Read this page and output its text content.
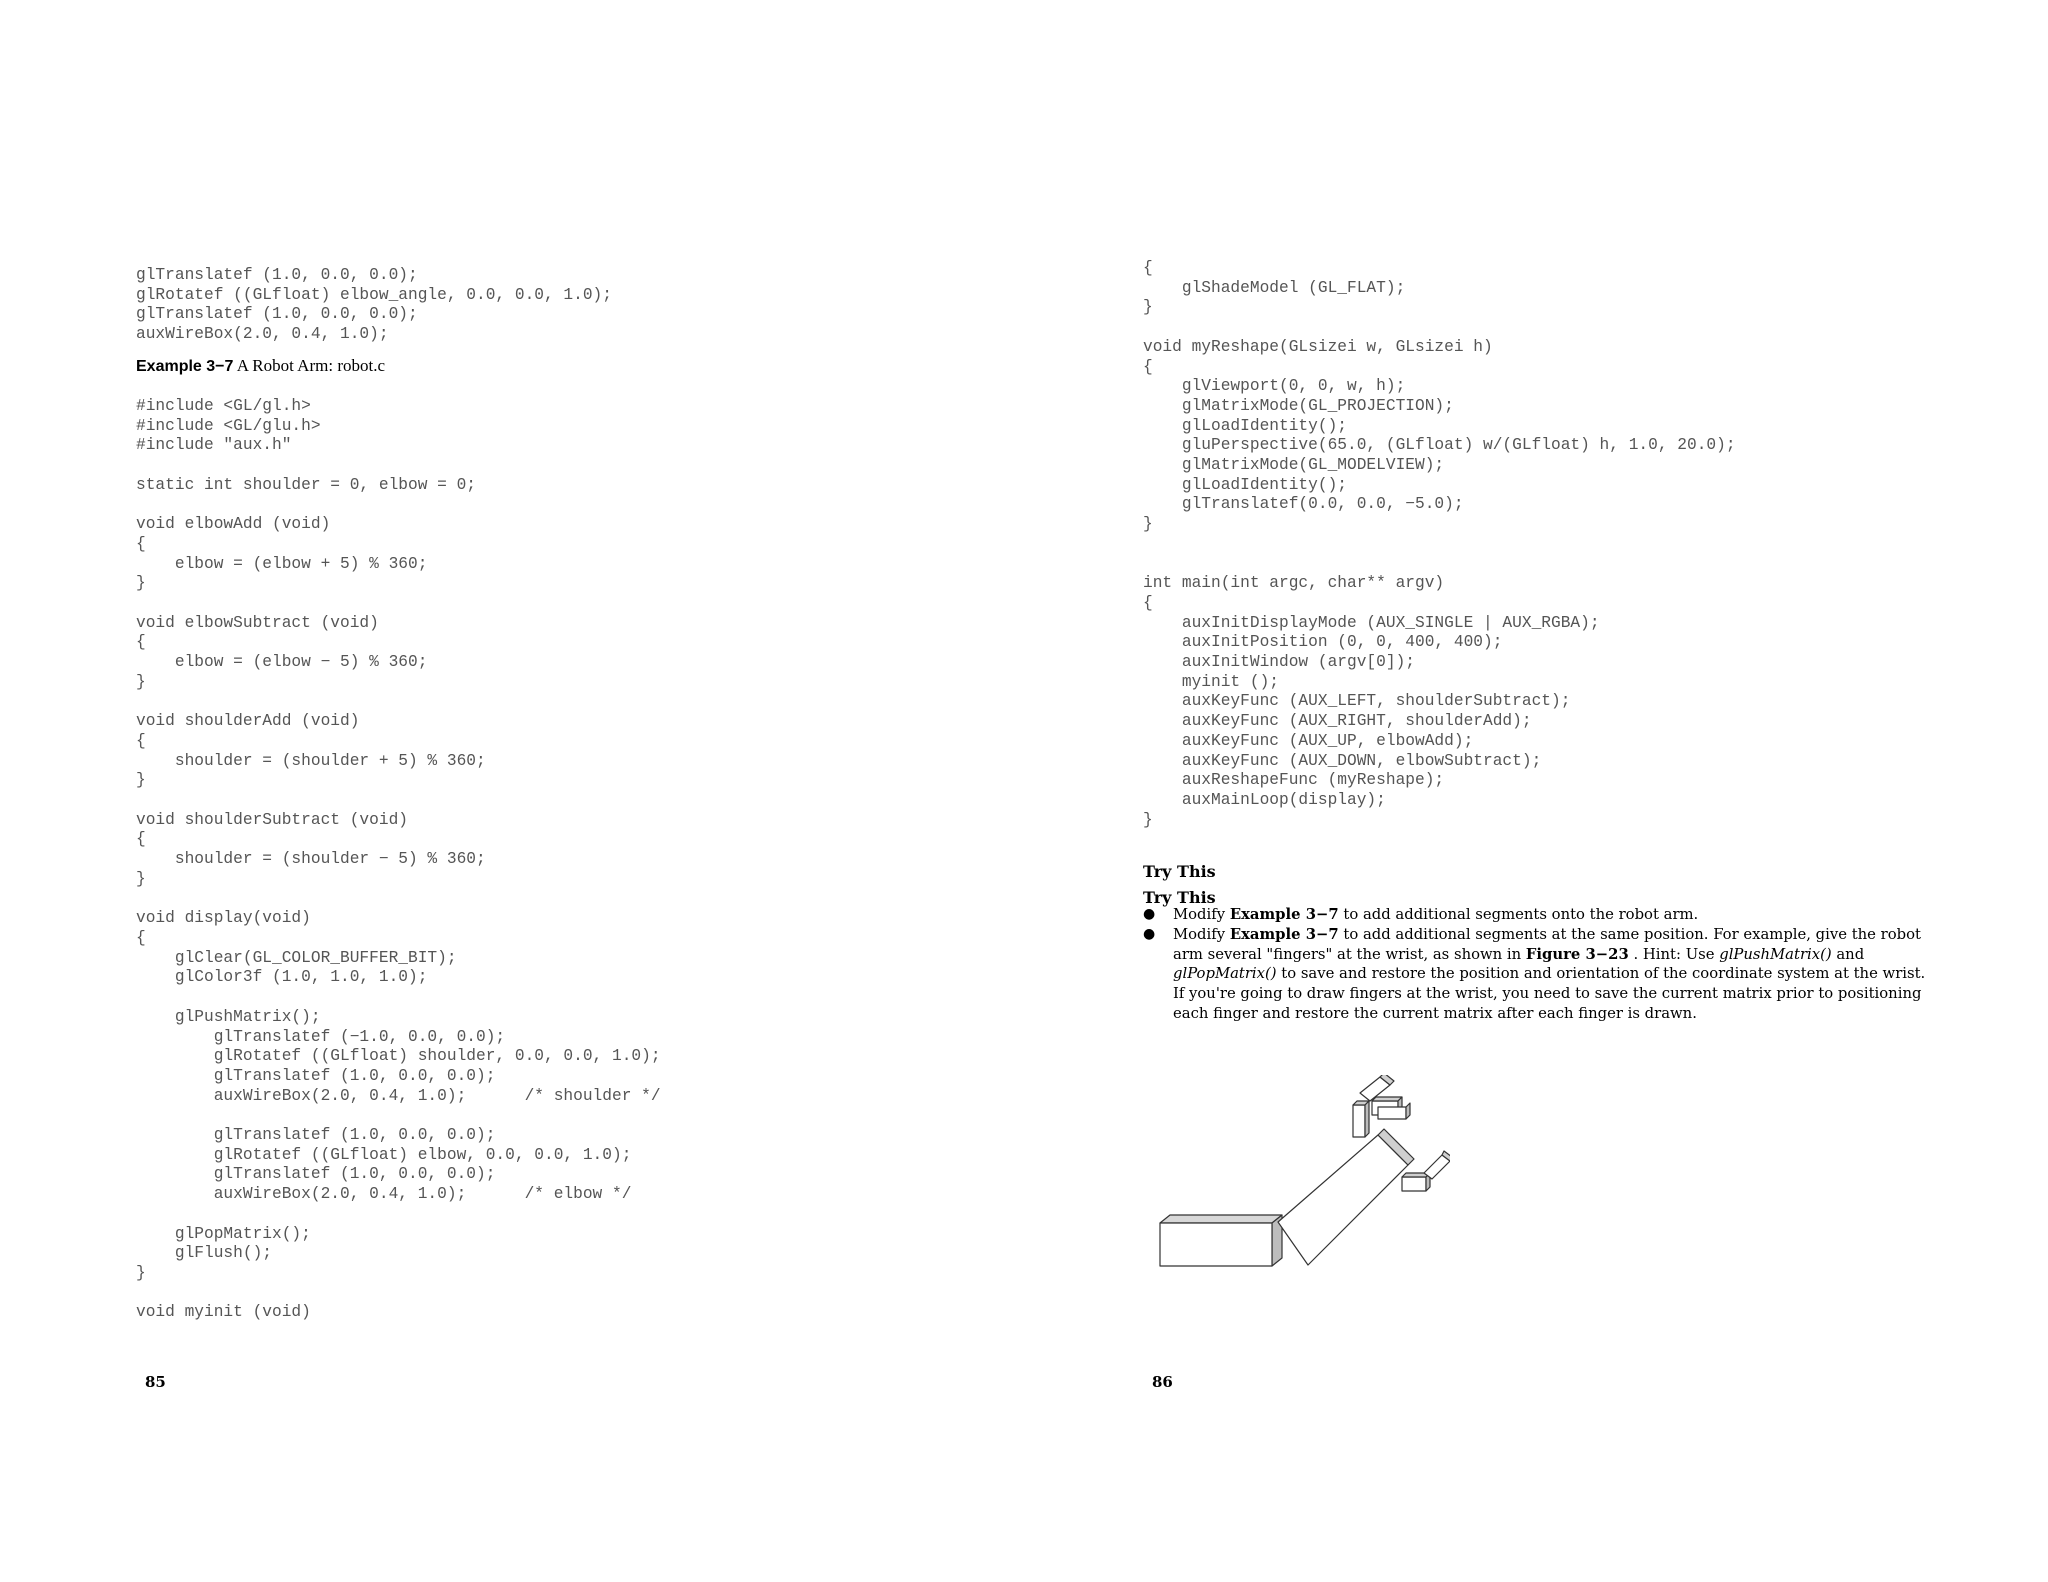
glTranslatef (1.0, 0.0, 0.0);
glRotatef ((GLfloat) elbow_angle, 0.0, 0.0, 1.0);
glTranslatef (1.0, 0.0, 0.0);
auxWireBox(2.0, 0.4, 1.0);
Example 3−7 A Robot Arm: robot.c
#include <GL/gl.h>
#include <GL/glu.h>
#include "aux.h"

static int shoulder = 0, elbow = 0;

void elbowAdd (void)
{
elbow = (elbow + 5) % 360;
}

void elbowSubtract (void)
{
elbow = (elbow − 5) % 360;
}

void shoulderAdd (void)
{
shoulder = (shoulder + 5) % 360;
}

void shoulderSubtract (void)
{
shoulder = (shoulder − 5) % 360;
}

void display(void)
{
glClear(GL_COLOR_BUFFER_BIT);
glColor3f (1.0, 1.0, 1.0);

glPushMatrix();
glTranslatef (−1.0, 0.0, 0.0);
glRotatef ((GLfloat) shoulder, 0.0, 0.0, 1.0);
glTranslatef (1.0, 0.0, 0.0);
auxWireBox(2.0, 0.4, 1.0);      /* shoulder */

glTranslatef (1.0, 0.0, 0.0);
glRotatef ((GLfloat) elbow, 0.0, 0.0, 1.0);
glTranslatef (1.0, 0.0, 0.0);
auxWireBox(2.0, 0.4, 1.0);      /* elbow */

glPopMatrix();
glFlush();
}

void myinit (void)
85
{
glShadeModel (GL_FLAT);
}

void myReshape(GLsizei w, GLsizei h)
{
glViewport(0, 0, w, h);
glMatrixMode(GL_PROJECTION);
glLoadIdentity();
gluPerspective(65.0, (GLfloat) w/(GLfloat) h, 1.0, 20.0);
glMatrixMode(GL_MODELVIEW);
glLoadIdentity();
glTranslatef(0.0, 0.0, −5.0);
}

int main(int argc, char** argv)
{
auxInitDisplayMode (AUX_SINGLE | AUX_RGBA);
auxInitPosition (0, 0, 400, 400);
auxInitWindow (argv[0]);
myinit ();
auxKeyFunc (AUX_LEFT, shoulderSubtract);
auxKeyFunc (AUX_RIGHT, shoulderAdd);
auxKeyFunc (AUX_UP, elbowAdd);
auxKeyFunc (AUX_DOWN, elbowSubtract);
auxReshapeFunc (myReshape);
auxMainLoop(display);
}
Try This
Try This
● Modify Example 3−7 to add additional segments onto the robot arm.
● Modify Example 3−7 to add additional segments at the same position. For example, give the robot arm several "fingers" at the wrist, as shown in Figure 3−23 . Hint: Use glPushMatrix() and glPopMatrix() to save and restore the position and orientation of the coordinate system at the wrist. If you're going to draw fingers at the wrist, you need to save the current matrix prior to positioning each finger and restore the current matrix after each finger is drawn.
86
